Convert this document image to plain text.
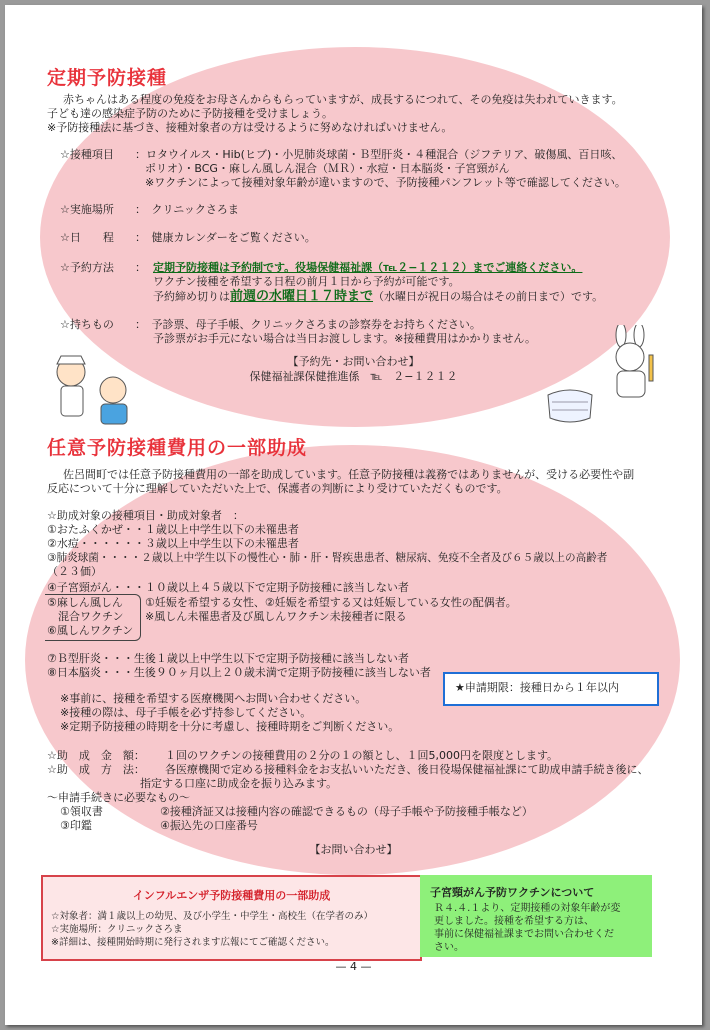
定期予防接種
赤ちゃんはある程度の免疫をお母さんからもらっていますが、成長するにつれて、その免疫は失われていきます。
子ども達の感染症予防のために予防接種を受けましょう。
※予防接種法に基づき、接種対象者の方は受けるように努めなければいけません。
☆接種項目 ：ロタウイルス・Hib(ヒブ)・小児肺炎球菌・Ｂ型肝炎・４種混合（ジフテリア、破傷風、百日咳、
ポリオ）・BCG・麻しん風しん混合（ＭＲ）・水痘・日本脳炎・子宮頸がん
※ワクチンによって接種対象年齢が違いますので、予防接種パンフレット等で確認してください。
☆実施場所 ：　クリニックさろま
☆日　　程 ：　健康カレンダーをご覧ください。
☆予約方法 ： 定期予防接種は予約制です。役場保健福祉課（℡２−１２１２）までご連絡ください。
ワクチン接種を希望する日程の前月１日から予約が可能です。
予約締め切りは前週の水曜日１７時まで（水曜日が祝日の場合はその前日まで）です。
☆持ちもの ：　予診票、母子手帳、クリニックさろまの診察券をお持ちください。
予診票がお手元にない場合は当日お渡しします。※接種費用はかかりません。
【予約先・お問い合わせ】
保健福祉課保健推進係　℡　２−１２１２
任意予防接種費用の一部助成
佐呂間町では任意予防接種費用の一部を助成しています。任意予防接種は義務ではありませんが、受ける必要性や副
反応について十分に理解していただいた上で、保護者の判断により受けていただくものです。
☆助成対象の接種項目・助成対象者　：
①おたふくかぜ・・１歳以上中学生以下の未罹患者
②水痘・・・・・・３歳以上中学生以下の未罹患者
③肺炎球菌・・・・２歳以上中学生以下の慢性心・肺・肝・腎疾患患者、糖尿病、免疫不全者及び６５歳以上の高齢者
（２３価）
④子宮頸がん・・・１０歳以上４５歳以下で定期予防接種に該当しない者
⑤麻しん風しん
　混合ワクチン
⑥風しんワクチン
①妊娠を希望する女性、②妊娠を希望する又は妊娠している女性の配偶者。
※風しん未罹患者及び風しんワクチン未接種者に限る
⑦Ｂ型肝炎・・・生後１歳以上中学生以下で定期予防接種に該当しない者
⑧日本脳炎・・・生後９０ヶ月以上２０歳未満で定期予防接種に該当しない者
★申請期限：接種日から１年以内
※事前に、接種を希望する医療機関へお問い合わせください。
※接種の際は、母子手帳を必ず持参してください。
※定期予防接種の時期を十分に考慮し、接種時期をご判断ください。
☆助　成　金　額： １回のワクチンの接種費用の２分の１の額とし、１回5,000円を限度とします。
☆助　成　方　法： 各医療機関で定める接種料金をお支払いいただき、後日役場保健福祉課にて助成申請手続き後に、
指定する口座に助成金を振り込みます。
〜申請手続きに必要なもの〜
①領収書	②接種済証又は接種内容の確認できるもの（母子手帳や予防接種手帳など）
③印鑑	④振込先の口座番号
【お問い合わせ】
インフルエンザ予防接種費用の一部助成
☆対象者：満１歳以上の幼児、及び小学生・中学生・高校生（在学者のみ）
☆実施場所：クリニックさろま
※詳細は、接種開始時期に発行されます広報にてご確認ください。
子宮頸がん予防ワクチンについて
Ｒ４.４.１より、定期接種の対象年齢が変
更しました。接種を希望する方は、
事前に保健福祉課までお問い合わせくだ
さい。
— 4 —
